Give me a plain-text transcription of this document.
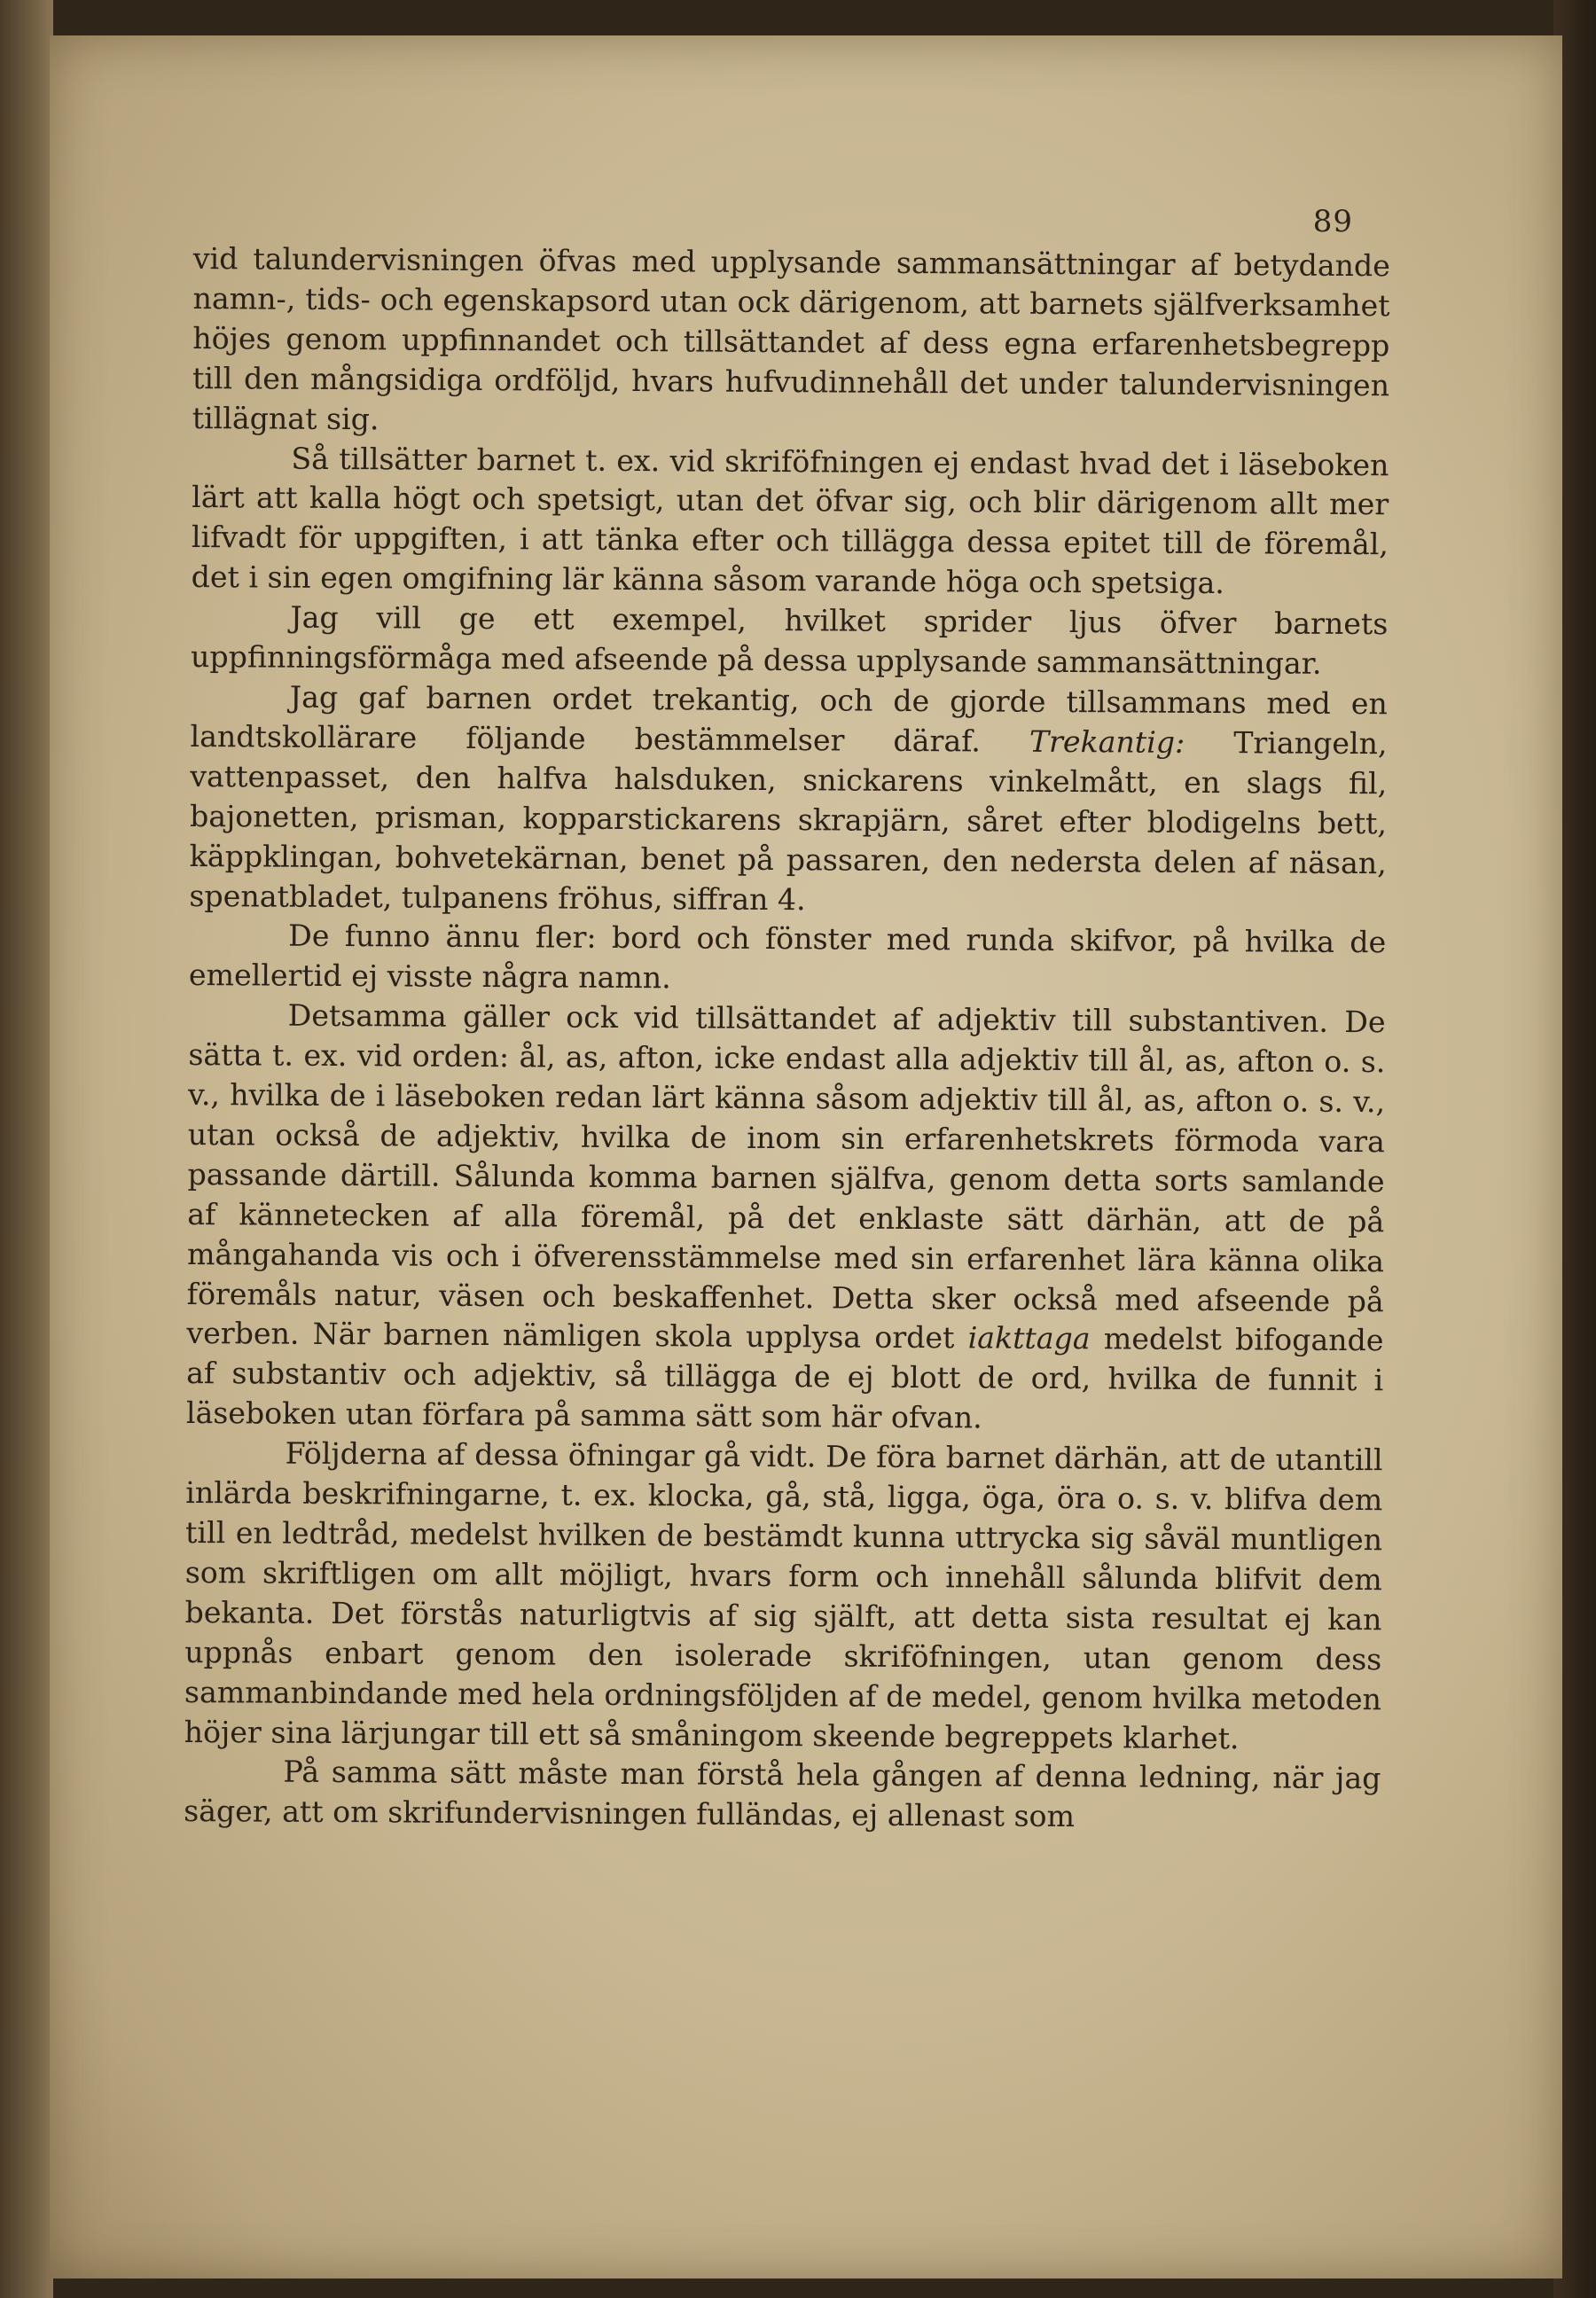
89

vid talundervisningen öfvas med upplysande sammansättningar af betydande namn-, tids- och egenskapsord utan ock därigenom, att barnets själfverksamhet höjes genom uppfinnandet och tillsättandet af dess egna erfarenhetsbegrepp till den mångsidiga ordföljd, hvars hufvudinnehåll det under talundervisningen tillägnat sig.

Så tillsätter barnet t. ex. vid skriföfningen ej endast hvad det i läseboken lärt att kalla högt och spetsigt, utan det öfvar sig, och blir därigenom allt mer lifvadt för uppgiften, i att tänka efter och tillägga dessa epitet till de föremål, det i sin egen omgifning lär känna såsom varande höga och spetsiga.

Jag vill ge ett exempel, hvilket sprider ljus öfver barnets uppfinningsförmåga med afseende på dessa upplysande sammansättningar.

Jag gaf barnen ordet trekantig, och de gjorde tillsammans med en landtskollärare följande bestämmelser däraf. Trekantig: Triangeln, vattenpasset, den halfva halsduken, snickarens vinkelmått, en slags fil, bajonetten, prisman, kopparstickarens skrapjärn, såret efter blodigelns bett, käppklingan, bohvetekärnan, benet på passaren, den nedersta delen af näsan, spenatbladet, tulpanens fröhus, siffran 4.

De funno ännu fler: bord och fönster med runda skifvor, på hvilka de emellertid ej visste några namn.

Detsamma gäller ock vid tillsättandet af adjektiv till substantiven. De sätta t. ex. vid orden: ål, as, afton, icke endast alla adjektiv till ål, as, afton o. s. v., hvilka de i läseboken redan lärt känna såsom adjektiv till ål, as, afton o. s. v., utan också de adjektiv, hvilka de inom sin erfarenhetskrets förmoda vara passande därtill. Sålunda komma barnen själfva, genom detta sorts samlande af kännetecken af alla föremål, på det enklaste sätt därhän, att de på mångahanda vis och i öfverensstämmelse med sin erfarenhet lära känna olika föremåls natur, väsen och beskaffenhet. Detta sker också med afseende på verben. När barnen nämligen skola upplysa ordet iakttaga medelst bifogande af substantiv och adjektiv, så tillägga de ej blott de ord, hvilka de funnit i läseboken utan förfara på samma sätt som här ofvan.

Följderna af dessa öfningar gå vidt. De föra barnet därhän, att de utantill inlärda beskrifningarne, t. ex. klocka, gå, stå, ligga, öga, öra o. s. v. blifva dem till en ledtråd, medelst hvilken de bestämdt kunna uttrycka sig såväl muntligen som skriftligen om allt möjligt, hvars form och innehåll sålunda blifvit dem bekanta. Det förstås naturligtvis af sig själft, att detta sista resultat ej kan uppnås enbart genom den isolerade skriföfningen, utan genom dess sammanbindande med hela ordningsföljden af de medel, genom hvilka metoden höjer sina lärjungar till ett så småningom skeende begreppets klarhet.

På samma sätt måste man förstå hela gången af denna ledning, när jag säger, att om skrifundervisningen fulländas, ej allenast som
